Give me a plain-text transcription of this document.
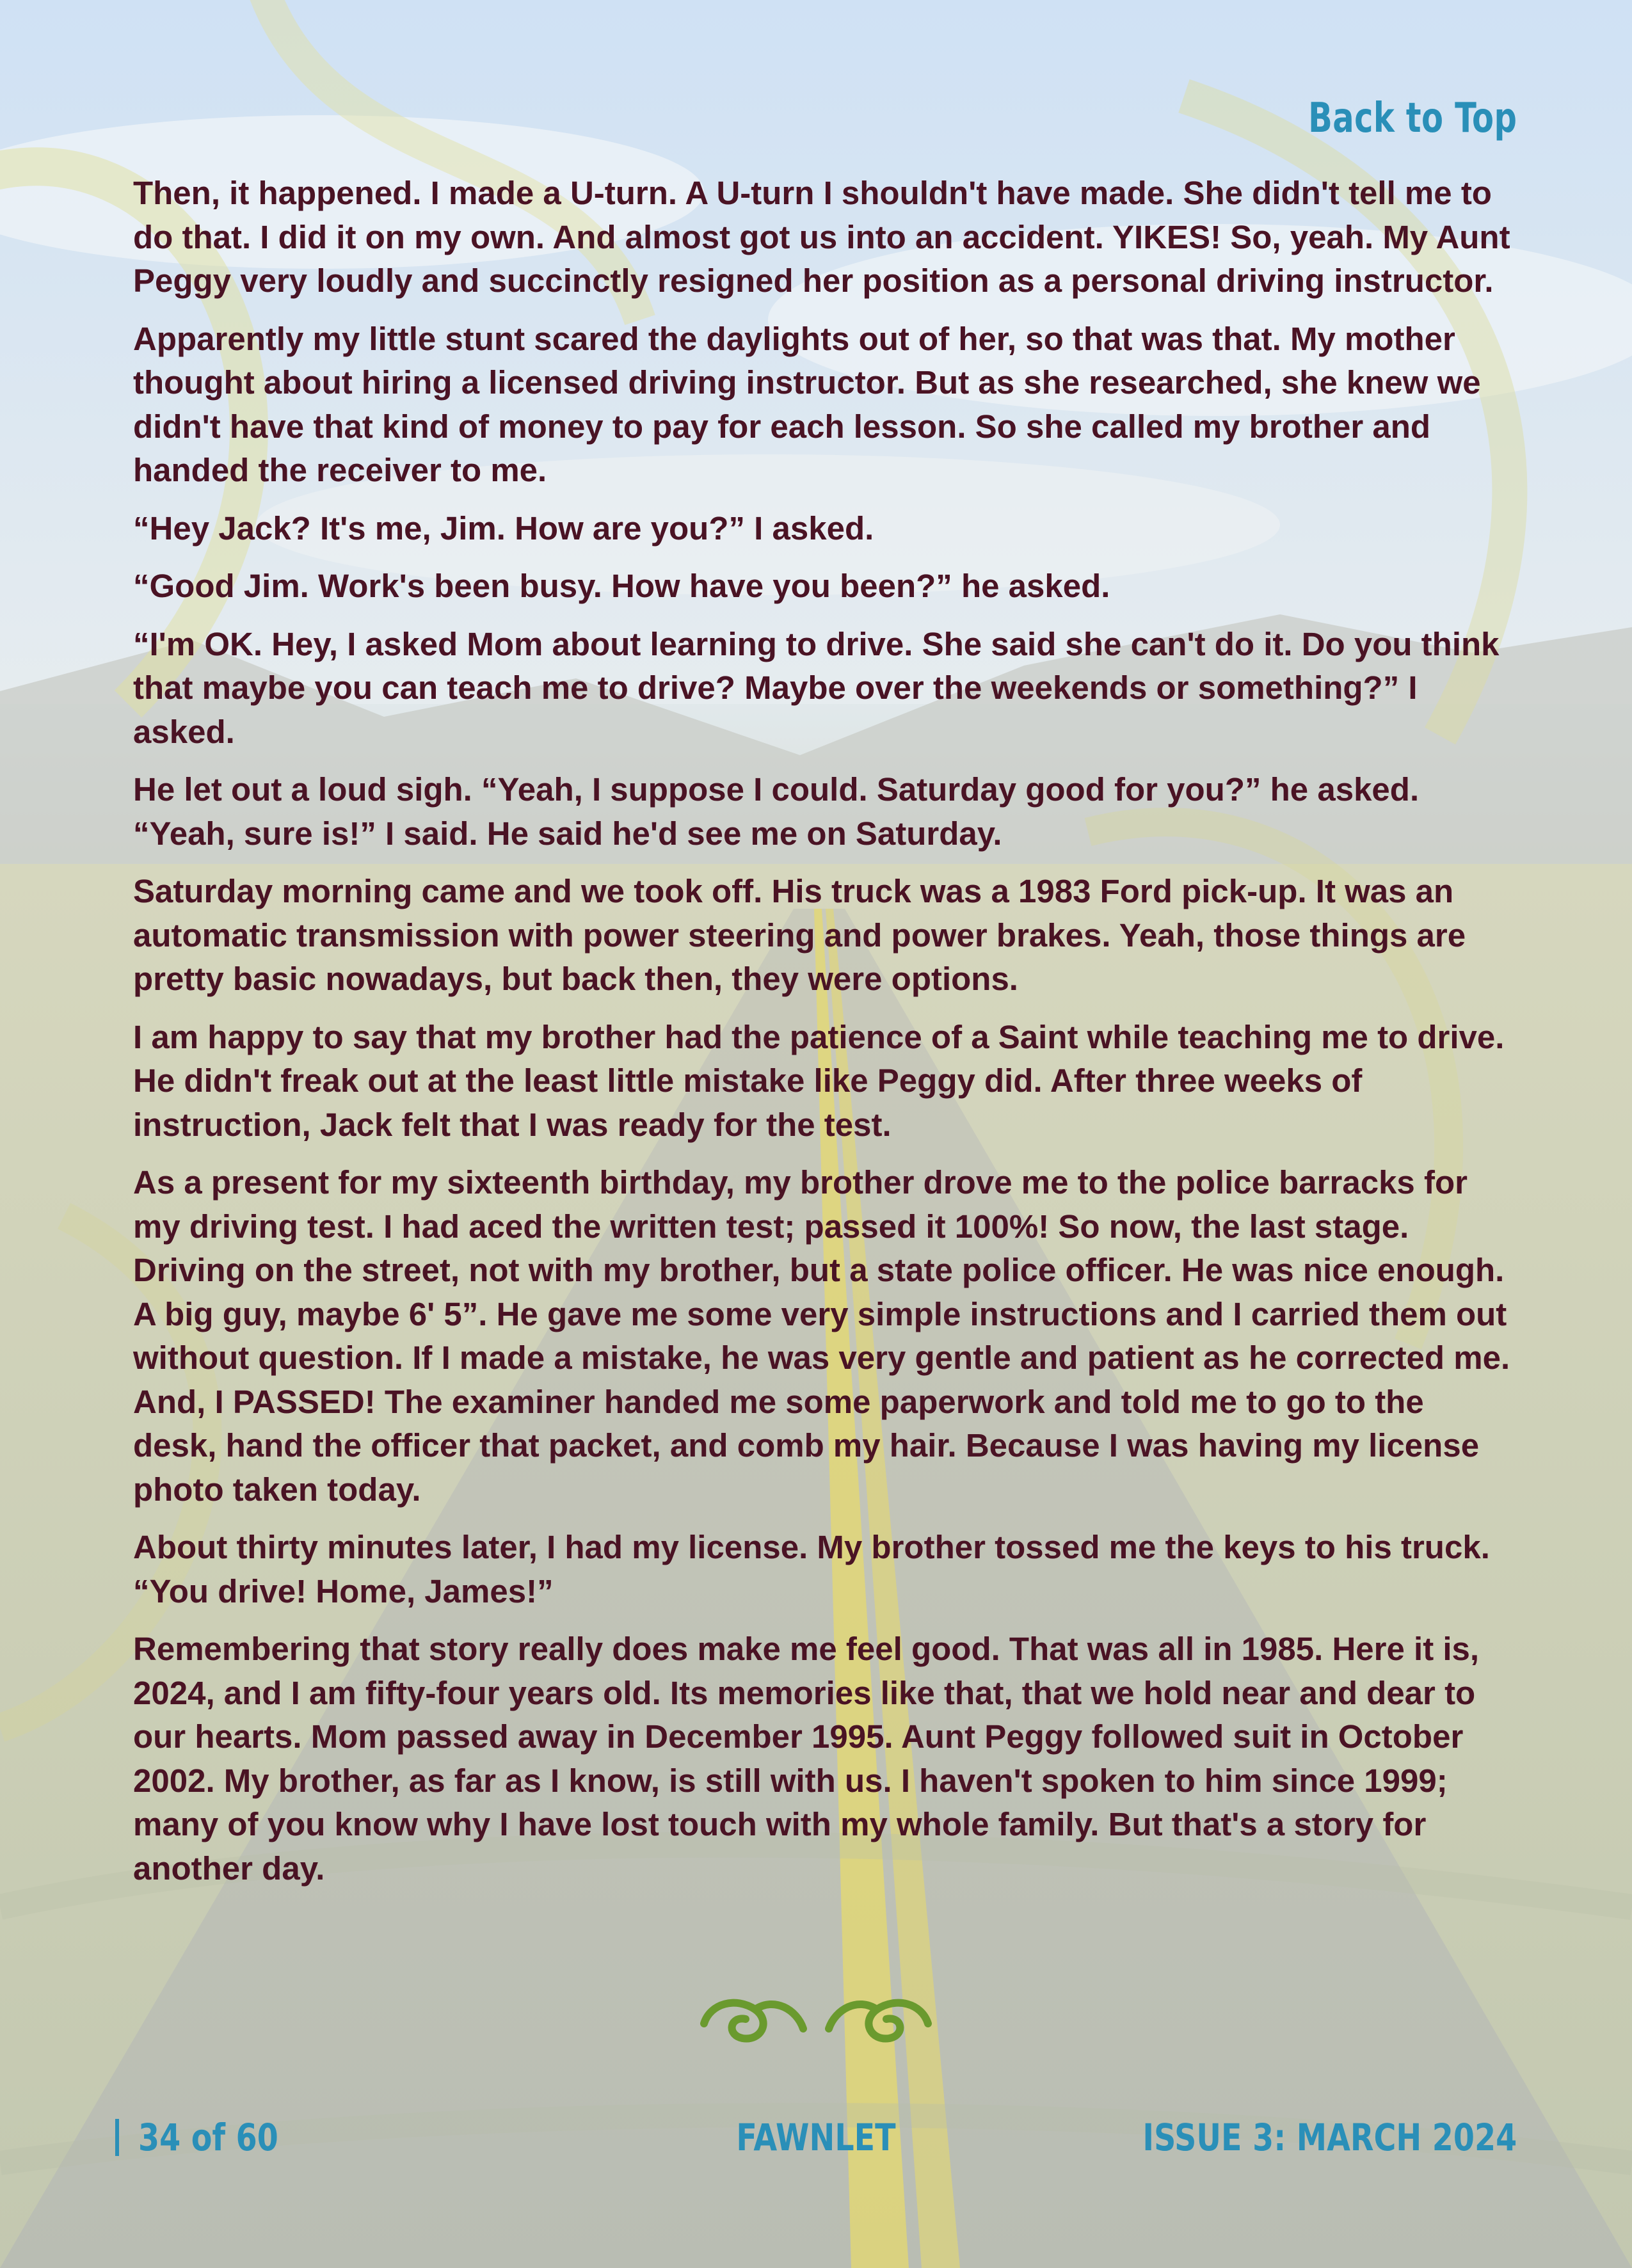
Back to Top

Then, it happened. I made a U-turn. A U-turn I shouldn't have made. She didn't tell me to do that. I did it on my own. And almost got us into an accident. YIKES! So, yeah. My Aunt Peggy very loudly and succinctly resigned her position as a personal driving instructor.

Apparently my little stunt scared the daylights out of her, so that was that. My mother thought about hiring a licensed driving instructor. But as she researched, she knew we didn't have that kind of money to pay for each lesson. So she called my brother and handed the receiver to me.

“Hey Jack? It's me, Jim. How are you?” I asked.

“Good Jim. Work's been busy. How have you been?” he asked.

“I'm OK. Hey, I asked Mom about learning to drive. She said she can't do it. Do you think that maybe you can teach me to drive? Maybe over the weekends or something?” I asked.

He let out a loud sigh. “Yeah, I suppose I could. Saturday good for you?” he asked. “Yeah, sure is!” I said. He said he'd see me on Saturday.

Saturday morning came and we took off. His truck was a 1983 Ford pick-up. It was an automatic transmission with power steering and power brakes. Yeah, those things are pretty basic nowadays, but back then, they were options.

I am happy to say that my brother had the patience of a Saint while teaching me to drive. He didn't freak out at the least little mistake like Peggy did. After three weeks of instruction, Jack felt that I was ready for the test.

As a present for my sixteenth birthday, my brother drove me to the police barracks for my driving test. I had aced the written test; passed it 100%! So now, the last stage. Driving on the street, not with my brother, but a state police officer. He was nice enough. A big guy, maybe 6' 5”. He gave me some very simple instructions and I carried them out without question. If I made a mistake, he was very gentle and patient as he corrected me. And, I PASSED! The examiner handed me some paperwork and told me to go to the desk, hand the officer that packet, and comb my hair. Because I was having my license photo taken today.

About thirty minutes later, I had my license. My brother tossed me the keys to his truck. “You drive! Home, James!”

Remembering that story really does make me feel good. That was all in 1985. Here it is, 2024, and I am fifty-four years old. Its memories like that, that we hold near and dear to our hearts. Mom passed away in December 1995. Aunt Peggy followed suit in October 2002. My brother, as far as I know, is still with us. I haven't spoken to him since 1999; many of you know why I have lost touch with my whole family. But that's a story for another day.

34 of 60	FAWNLET	ISSUE 3: MARCH 2024
